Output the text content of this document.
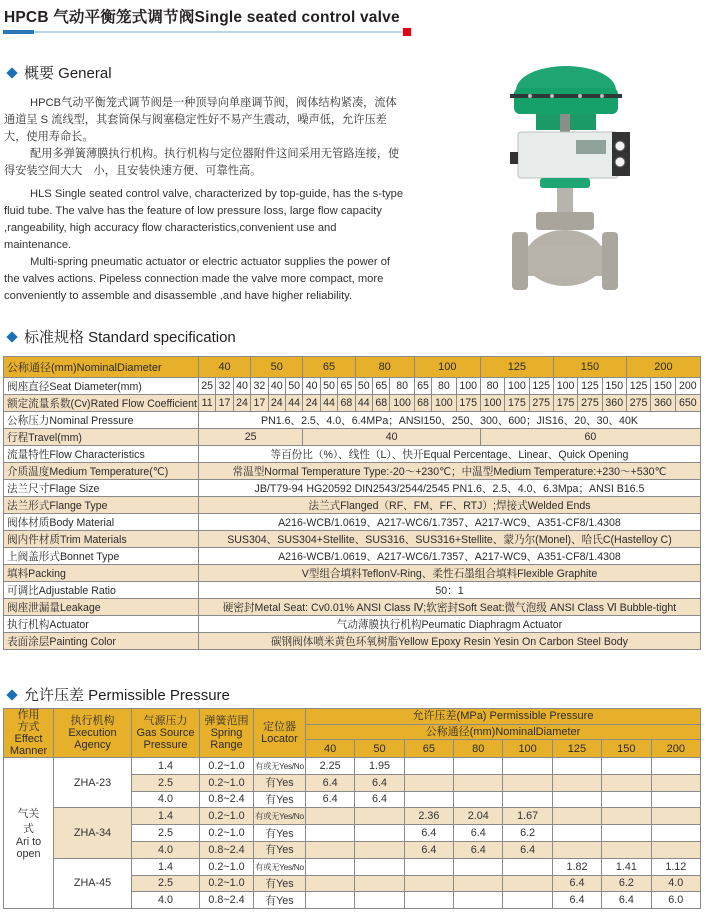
HPCB 气动平衡笼式调节阀Single seated control valve
概要 General

HPCB气动平衡笼式调节阀是一种顶导向单座调节阀，阀体结构紧凑，流体通道呈 S 流线型，其套筒保与阀塞稳定性好不易产生震动，噪声低，允许压差大，使用寿命长。

配用多弹簧薄膜执行机构。执行机构与定位器附件这间采用无管路连接，使得安装空间大大　小，且安装快速方便、可靠性高。

HLS Single seated control valve, characterized by top-guide, has the s-type fluid tube. The valve has the feature of low pressure loss, large flow capacity ,rangeability, high accuracy flow characteristics,convenient use and maintenance.

Multi-spring pneumatic actuator or electric actuator supplies the power of the valves actions. Pipeless connection made the valve more compact, more conveniently to assemble and disassemble ,and have higher reliability.

标准规格 Standard specification
公称通径(mm)NominalDiameter	40			50			65			80			100			125			150			200		
阀座直径Seat Diameter(mm)	25	32	40	32	40	50	40	50	65	50	65	80	65	80	100	80	100	125	100	125	150	125	150	200
额定流量系数(Cv)Rated Flow Coefficient	11	17	24	17	24	44	24	44	68	44	68	100	68	100	175	100	175	275	175	275	360	275	360	650
公称压力Nominal Pressure	PN1.6、2.5、4.0、6.4MPa；ANSI150、250、300、600；JIS16、20、30、40K																							
行程Travel(mm)	25						40									60								
流量特性Flow Characteristics	等百份比（%）、线性（L）、快开Equal Percentage、Linear、Quick Opening																							
介质温度Medium Temperature(℃)	常温型Normal Temperature Type:-20～+230℃；中温型Medium Temperature:+230～+530℃																							
法兰尺寸Flage Size	JB/T79-94 HG20592 DIN2543/2544/2545 PN1.6、2.5、4.0、6.3Mpa；ANSI B16.5																							
法兰形式Flange Type	法兰式Flanged（RF、FM、FF、RTJ）;焊接式Welded Ends																							
阀体材质Body Material	A216-WCB/1.0619、A217-WC6/1.7357、A217-WC9、A351-CF8/1.4308																							
阀内件材质Trim Materials	SUS304、SUS304+Stellite、SUS316、SUS316+Stellite、蒙乃尔(Monel)、哈氏C(Hastelloy C)																							
上阀盖形式Bonnet Type	A216-WCB/1.0619、A217-WC6/1.7357、A217-WC9、A351-CF8/1.4308																							
填料Packing	V型组合填料TeflonV-Ring、柔性石墨组合填料Flexible Graphite																							
可调比Adjustable Ratio	50：1																							
阀座泄漏量Leakage	硬密封Metal Seat: Cv0.01% ANSI Class Ⅳ;软密封Soft Seat:微气泡级 ANSI Class Ⅵ Bubble-tight																							
执行机构Actuator	气动薄膜执行机构Peumatic Diaphragm Actuator																							
表面涂层Painting Color	碳钢阀体喷米黄色环氧树脂Yellow Epoxy Resin Yesin On Carbon Steel Body																							
允许压差 Permissible Pressure
作用
方式
Effect
Manner	执行机构
Execution
Agency	气源压力
Gas Source
Pressure	弹簧范围
Spring
Range	定位器
Locator	允许压差(MPa) Permissible Pressure							
					公称通径(mm)NominalDiameter							
					40	50	65	80	100	125	150	200
气关
式
Ari to
open	ZHA-23	1.4	0.2~1.0	有或无Yes/No	2.25	1.95						
		2.5	0.2~1.0	有Yes	6.4	6.4						
		4.0	0.8~2.4	有Yes	6.4	6.4						
	ZHA-34	1.4	0.2~1.0	有或无Yes/No			2.36	2.04	1.67			
		2.5	0.2~1.0	有Yes			6.4	6.4	6.2			
		4.0	0.8~2.4	有Yes			6.4	6.4	6.4			
	ZHA-45	1.4	0.2~1.0	有或无Yes/No						1.82	1.41	1.12
		2.5	0.2~1.0	有Yes						6.4	6.2	4.0
		4.0	0.8~2.4	有Yes						6.4	6.4	6.0
